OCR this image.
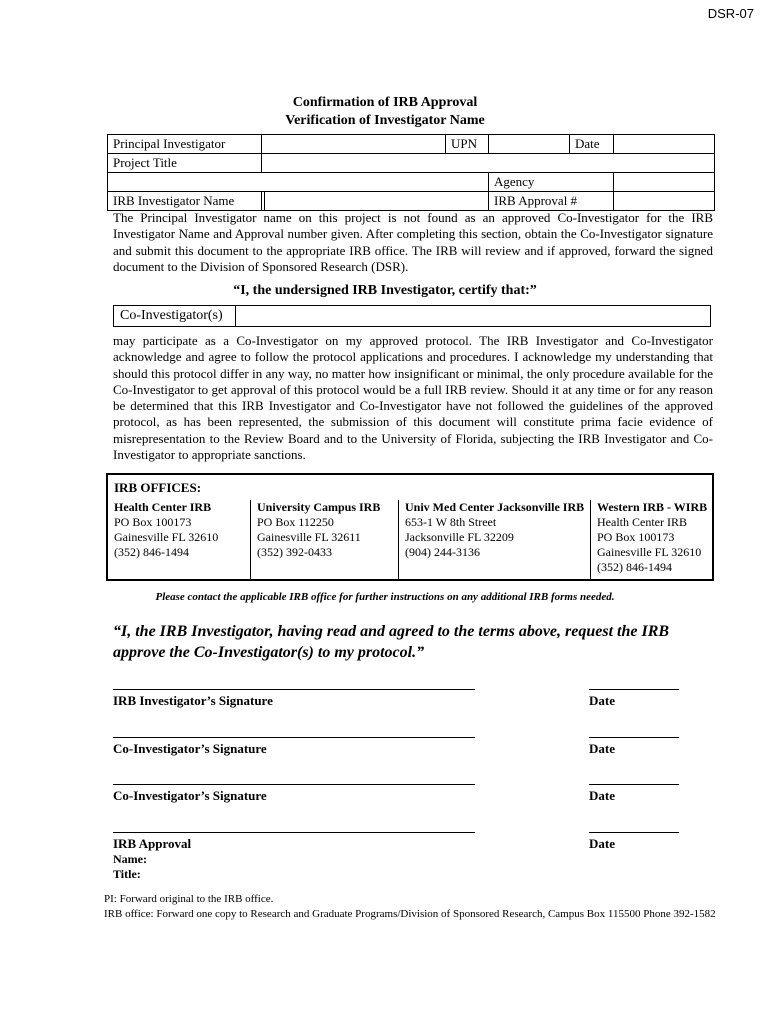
DSR-07
Confirmation of IRB Approval
Verification of Investigator Name
Principal Investigator			UPN		Date	
Project Title						
				Agency		
IRB Investigator Name				IRB Approval #		
The Principal Investigator name on this project is not found as an approved Co-Investigator for the IRB Investigator Name and Approval number given. After completing this section, obtain the Co-Investigator signature and submit this document to the appropriate IRB office. The IRB will review and if approved, forward the signed document to the Division of Sponsored Research (DSR).
“I, the undersigned IRB Investigator, certify that:”
Co-Investigator(s)
may participate as a Co-Investigator on my approved protocol. The IRB Investigator and Co-Investigator acknowledge and agree to follow the protocol applications and procedures. I acknowledge my understanding that should this protocol differ in any way, no matter how insignificant or minimal, the only procedure available for the Co-Investigator to get approval of this protocol would be a full IRB review. Should it at any time or for any reason be determined that this IRB Investigator and Co-Investigator have not followed the guidelines of the approved protocol, as has been represented, the submission of this document will constitute prima facie evidence of misrepresentation to the Review Board and to the University of Florida, subjecting the IRB Investigator and Co-Investigator to appropriate sanctions.
IRB OFFICES:
Health Center IRB
PO Box 100173
Gainesville FL 32610
(352) 846-1494
University Campus IRB
PO Box 112250
Gainesville FL 32611
(352) 392-0433
Univ Med Center Jacksonville IRB
653-1 W 8th Street
Jacksonville FL 32209
(904) 244-3136
Western IRB - WIRB
Health Center IRB
PO Box 100173
Gainesville FL 32610
(352) 846-1494
Please contact the applicable IRB office for further instructions on any additional IRB forms needed.
“I, the IRB Investigator, having read and agreed to the terms above, request the IRB approve the Co-Investigator(s) to my protocol.”
IRB Investigator’s Signature	Date
Co-Investigator’s Signature	Date
Co-Investigator’s Signature	Date
IRB Approval	Date
Name:
Title:
PI: Forward original to the IRB office.
IRB office: Forward one copy to Research and Graduate Programs/Division of Sponsored Research, Campus Box 115500 Phone 392-1582
